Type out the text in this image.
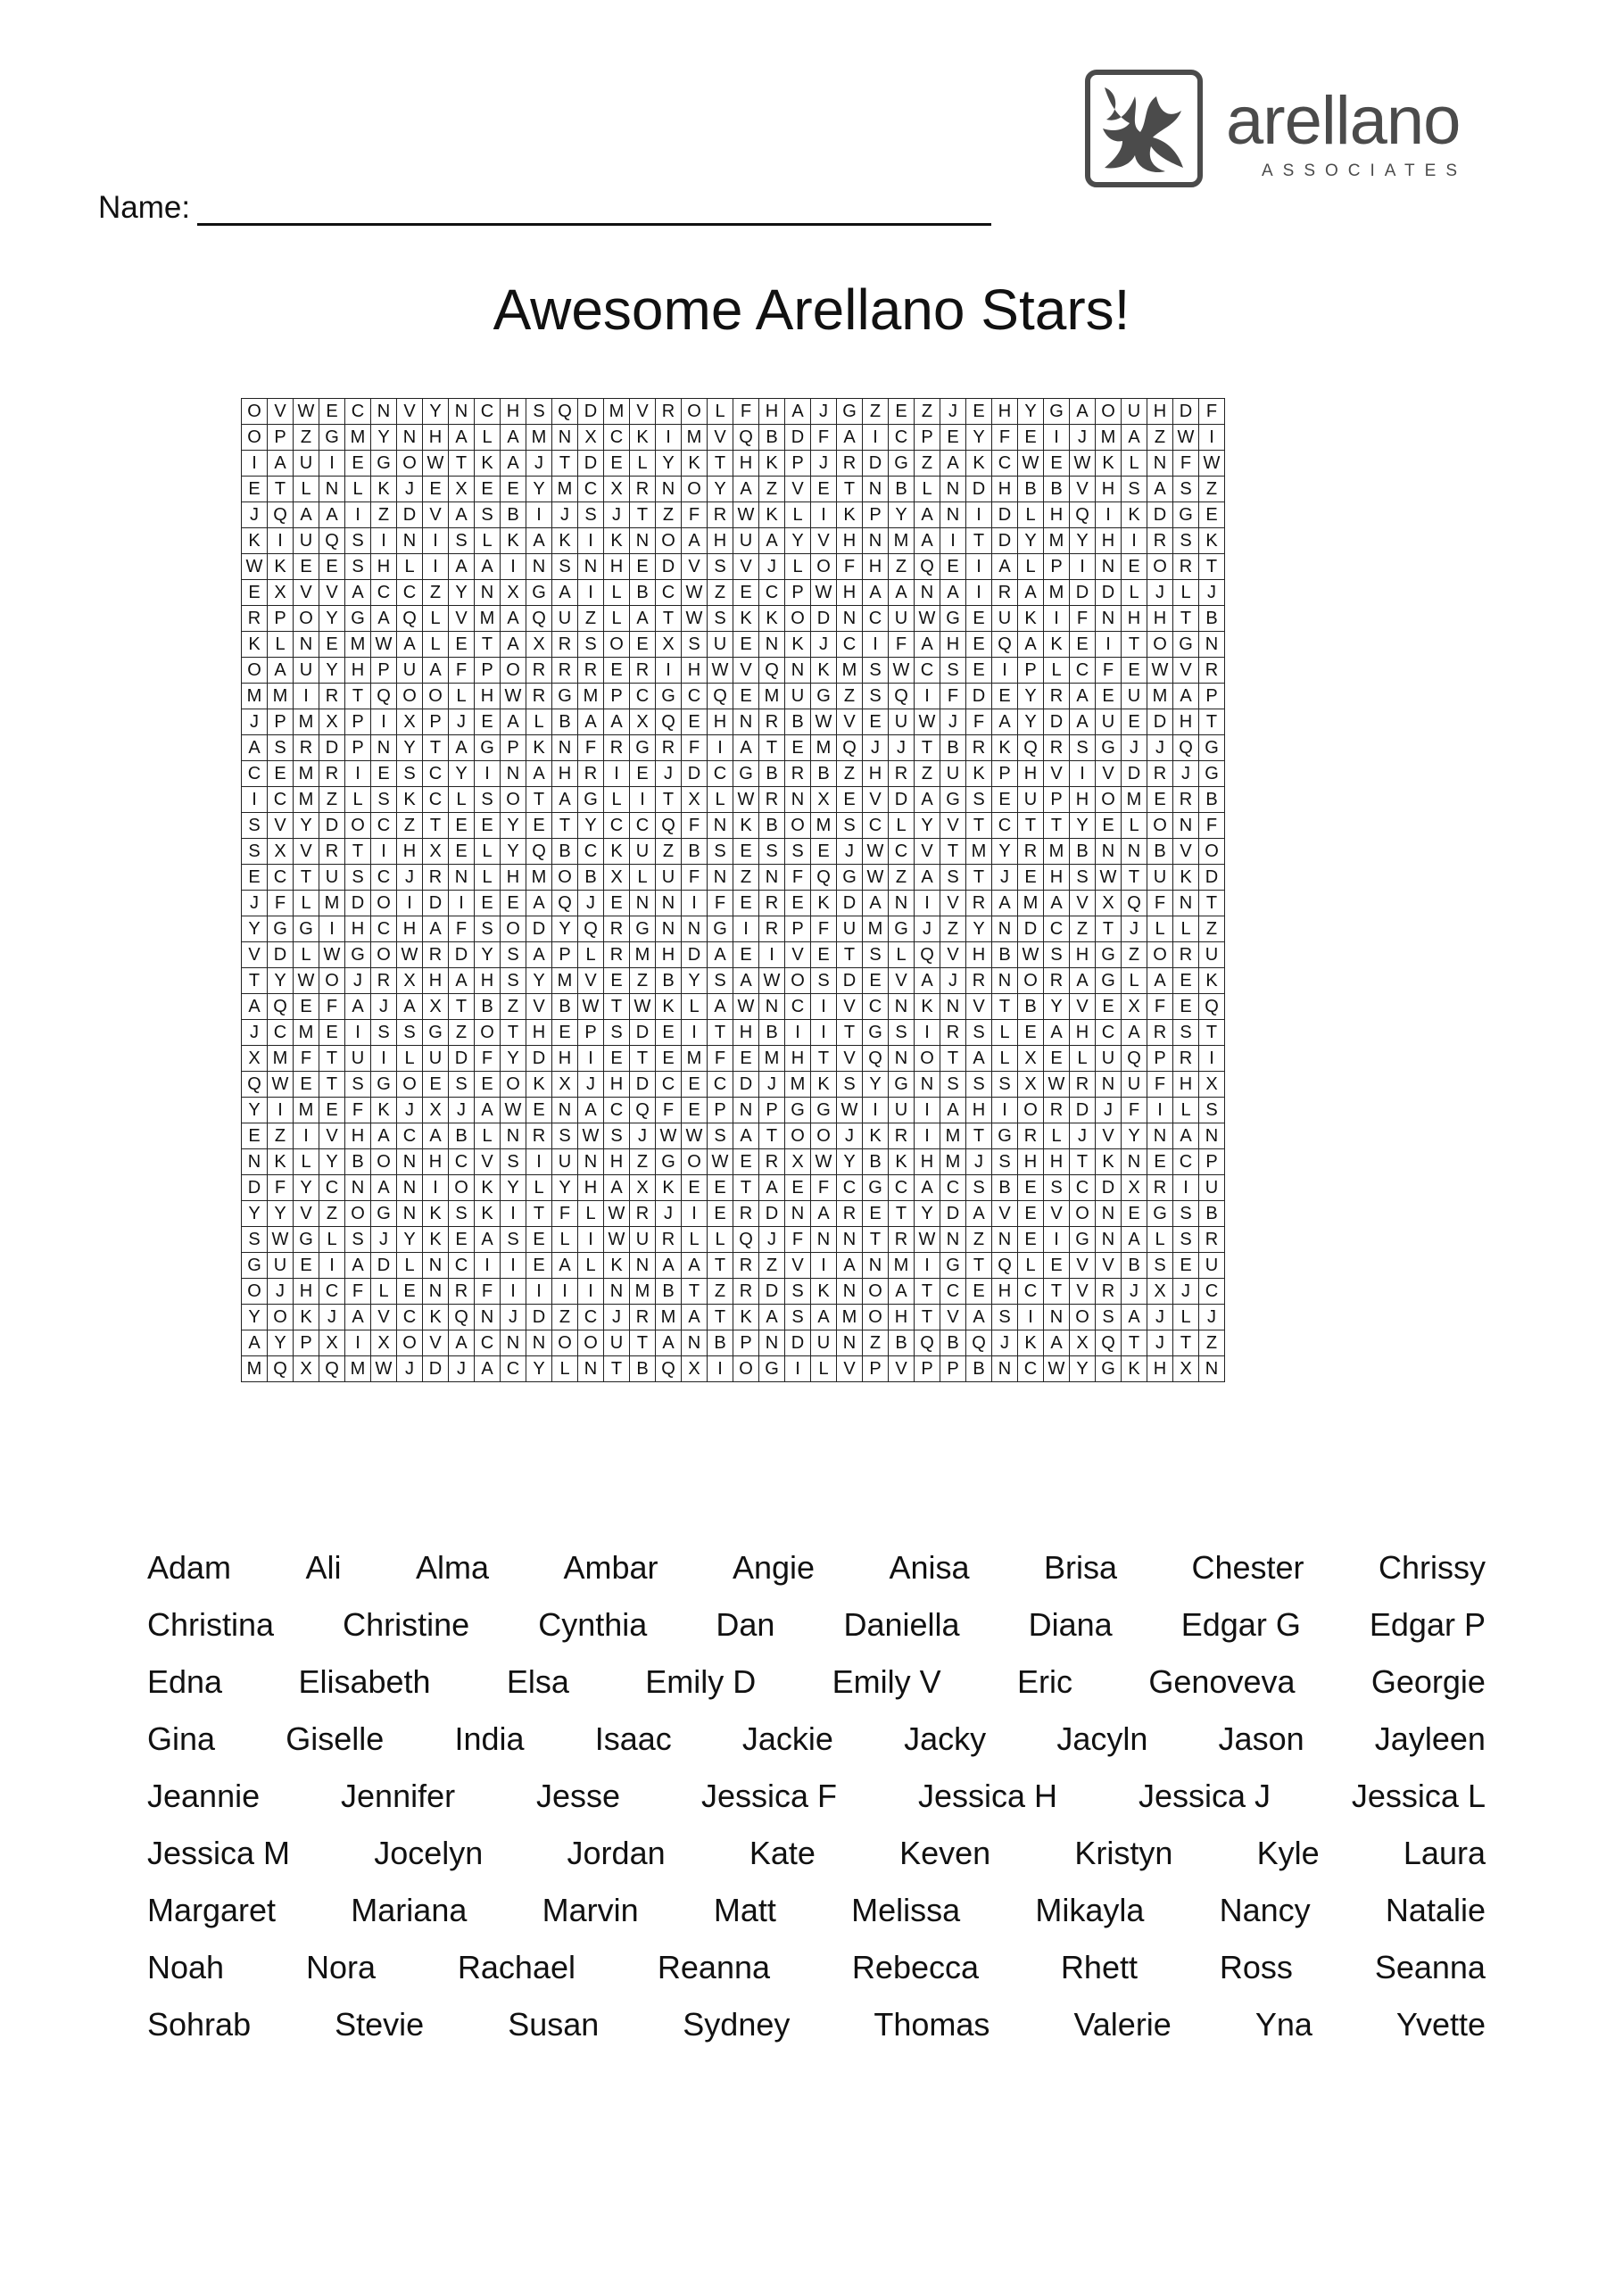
arellano
ASSOCIATES
Name:
Awesome Arellano Stars!
O	V	W	E	C	N	V	Y	N	C	H	S	Q	D	M	V	R	O	L	F	H	A	J	G	Z	E	Z	J	E	H	Y	G	A	O	U	H	D	F
O	P	Z	G	M	Y	N	H	A	L	A	M	N	X	C	K	I	M	V	Q	B	D	F	A	I	C	P	E	Y	F	E	I	J	M	A	Z	W	I
I	A	U	I	E	G	O	W	T	K	A	J	T	D	E	L	Y	K	T	H	K	P	J	R	D	G	Z	A	K	C	W	E	W	K	L	N	F	W
E	T	L	N	L	K	J	E	X	E	E	Y	M	C	X	R	N	O	Y	A	Z	V	E	T	N	B	L	N	D	H	B	B	V	H	S	A	S	Z
J	Q	A	A	I	Z	D	V	A	S	B	I	J	S	J	T	Z	F	R	W	K	L	I	K	P	Y	A	N	I	D	L	H	Q	I	K	D	G	E
K	I	U	Q	S	I	N	I	S	L	K	A	K	I	K	N	O	A	H	U	A	Y	V	H	N	M	A	I	T	D	Y	M	Y	H	I	R	S	K
W	K	E	E	S	H	L	I	A	A	I	N	S	N	H	E	D	V	S	V	J	L	O	F	H	Z	Q	E	I	A	L	P	I	N	E	O	R	T
E	X	V	V	A	C	C	Z	Y	N	X	G	A	I	L	B	C	W	Z	E	C	P	W	H	A	A	N	A	I	R	A	M	D	D	L	J	L	J
R	P	O	Y	G	A	Q	L	V	M	A	Q	U	Z	L	A	T	W	S	K	K	O	D	N	C	U	W	G	E	U	K	I	F	N	H	H	T	B
K	L	N	E	M	W	A	L	E	T	A	X	R	S	O	E	X	S	U	E	N	K	J	C	I	F	A	H	E	Q	A	K	E	I	T	O	G	N
O	A	U	Y	H	P	U	A	F	P	O	R	R	R	E	R	I	H	W	V	Q	N	K	M	S	W	C	S	E	I	P	L	C	F	E	W	V	R
M	M	I	R	T	Q	O	O	L	H	W	R	G	M	P	C	G	C	Q	E	M	U	G	Z	S	Q	I	F	D	E	Y	R	A	E	U	M	A	P
J	P	M	X	P	I	X	P	J	E	A	L	B	A	A	X	Q	E	H	N	R	B	W	V	E	U	W	J	F	A	Y	D	A	U	E	D	H	T
A	S	R	D	P	N	Y	T	A	G	P	K	N	F	R	G	R	F	I	A	T	E	M	Q	J	J	T	B	R	K	Q	R	S	G	J	J	Q	G
C	E	M	R	I	E	S	C	Y	I	N	A	H	R	I	E	J	D	C	G	B	R	B	Z	H	R	Z	U	K	P	H	V	I	V	D	R	J	G
I	C	M	Z	L	S	K	C	L	S	O	T	A	G	L	I	T	X	L	W	R	N	X	E	V	D	A	G	S	E	U	P	H	O	M	E	R	B
S	V	Y	D	O	C	Z	T	E	E	Y	E	T	Y	C	C	Q	F	N	K	B	O	M	S	C	L	Y	V	T	C	T	T	Y	E	L	O	N	F
S	X	V	R	T	I	H	X	E	L	Y	Q	B	C	K	U	Z	B	S	E	S	S	E	J	W	C	V	T	M	Y	R	M	B	N	N	B	V	O
E	C	T	U	S	C	J	R	N	L	H	M	O	B	X	L	U	F	N	Z	N	F	Q	G	W	Z	A	S	T	J	E	H	S	W	T	U	K	D
J	F	L	M	D	O	I	D	I	E	E	A	Q	J	E	N	N	I	F	E	R	E	K	D	A	N	I	V	R	A	M	A	V	X	Q	F	N	T
Y	G	G	I	H	C	H	A	F	S	O	D	Y	Q	R	G	N	N	G	I	R	P	F	U	M	G	J	Z	Y	N	D	C	Z	T	J	L	L	Z
V	D	L	W	G	O	W	R	D	Y	S	A	P	L	R	M	H	D	A	E	I	V	E	T	S	L	Q	V	H	B	W	S	H	G	Z	O	R	U
T	Y	W	O	J	R	X	H	A	H	S	Y	M	V	E	Z	B	Y	S	A	W	O	S	D	E	V	A	J	R	N	O	R	A	G	L	A	E	K
A	Q	E	F	A	J	A	X	T	B	Z	V	B	W	T	W	K	L	A	W	N	C	I	V	C	N	K	N	V	T	B	Y	V	E	X	F	E	Q
J	C	M	E	I	S	S	G	Z	O	T	H	E	P	S	D	E	I	T	H	B	I	I	T	G	S	I	R	S	L	E	A	H	C	A	R	S	T
X	M	F	T	U	I	L	U	D	F	Y	D	H	I	E	T	E	M	F	E	M	H	T	V	Q	N	O	T	A	L	X	E	L	U	Q	P	R	I
Q	W	E	T	S	G	O	E	S	E	O	K	X	J	H	D	C	E	C	D	J	M	K	S	Y	G	N	S	S	S	X	W	R	N	U	F	H	X
Y	I	M	E	F	K	J	X	J	A	W	E	N	A	C	Q	F	E	P	N	P	G	G	W	I	U	I	A	H	I	O	R	D	J	F	I	L	S
E	Z	I	V	H	A	C	A	B	L	N	R	S	W	S	J	W	W	S	A	T	O	O	J	K	R	I	M	T	G	R	L	J	V	Y	N	A	N
N	K	L	Y	B	O	N	H	C	V	S	I	U	N	H	Z	G	O	W	E	R	X	W	Y	B	K	H	M	J	S	H	H	T	K	N	E	C	P
D	F	Y	C	N	A	N	I	O	K	Y	L	Y	H	A	X	K	E	E	T	A	E	F	C	G	C	A	C	S	B	E	S	C	D	X	R	I	U
Y	Y	V	Z	O	G	N	K	S	K	I	T	F	L	W	R	J	I	E	R	D	N	A	R	E	T	Y	D	A	V	E	V	O	N	E	G	S	B
S	W	G	L	S	J	Y	K	E	A	S	E	L	I	W	U	R	L	L	Q	J	F	N	N	T	R	W	N	Z	N	E	I	G	N	A	L	S	R
G	U	E	I	A	D	L	N	C	I	I	E	A	L	K	N	A	A	T	R	Z	V	I	A	N	M	I	G	T	Q	L	E	V	V	B	S	E	U
O	J	H	C	F	L	E	N	R	F	I	I	I	I	N	M	B	T	Z	R	D	S	K	N	O	A	T	C	E	H	C	T	V	R	J	X	J	C
Y	O	K	J	A	V	C	K	Q	N	J	D	Z	C	J	R	M	A	T	K	A	S	A	M	O	H	T	V	A	S	I	N	O	S	A	J	L	J
A	Y	P	X	I	X	O	V	A	C	N	N	O	O	U	T	A	N	B	P	N	D	U	N	Z	B	Q	B	Q	J	K	A	X	Q	T	J	T	Z
M	Q	X	Q	M	W	J	D	J	A	C	Y	L	N	T	B	Q	X	I	O	G	I	L	V	P	V	P	P	B	N	C	W	Y	G	K	H	X	N
Adam Ali Alma Ambar Angie Anisa Brisa Chester Chrissy
Christina Christine Cynthia Dan Daniella Diana Edgar G Edgar P
Edna Elisabeth Elsa Emily D Emily V Eric Genoveva Georgie
Gina Giselle India Isaac Jackie Jacky Jacyln Jason Jayleen
Jeannie	Jennifer	Jesse	Jessica F	Jessica H	Jessica J	Jessica L
Jessica M	Jocelyn	Jordan	Kate	Keven	Kristyn	Kyle	Laura
Margaret Mariana Marvin Matt Melissa Mikayla Nancy Natalie
Noah	Nora	Rachael	Reanna	Rebecca	Rhett	Ross	Seanna
Sohrab	Stevie	Susan	Sydney	Thomas	Valerie	Yna	Yvette
